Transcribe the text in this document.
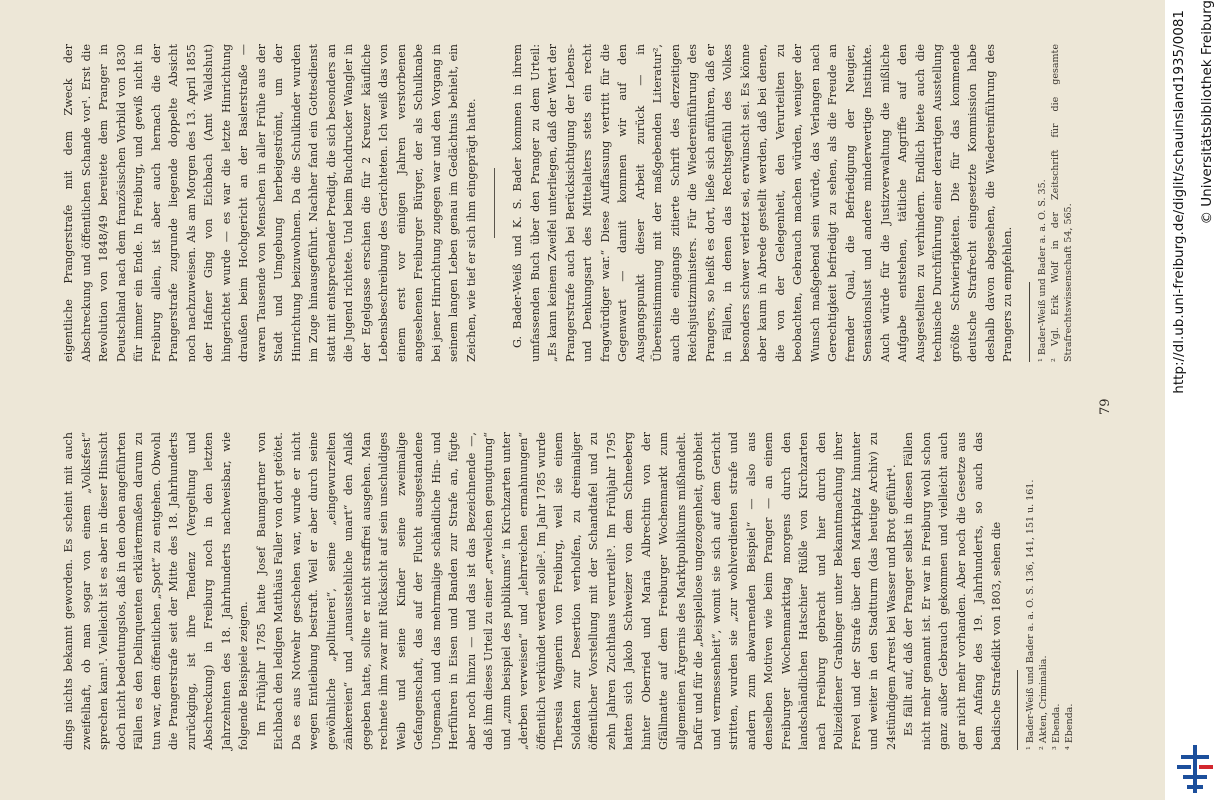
dings nichts bekannt geworden. Es scheint mit auch zweifelhaft, ob man sogar von einem „Volksfest“ sprechen kann¹. Vielleicht ist es aber in dieser Hinsicht doch nicht bedeutungslos, daß in den oben angeführten Fällen es den Delinquenten erklärtermaßen darum zu tun war, dem öffentlichen „Spott“ zu entgehen. Obwohl die Prangerstrafe seit der Mitte des 18. Jahrhunderts zurückging, ist ihre Tendenz (Vergeltung und Abschreckung) in Freiburg noch in den letzten Jahrzehnten des 18. Jahrhunderts nachweisbar, wie folgende Beispiele zeigen. Im Frühjahr 1785 hatte Josef Baumgartner von Eichbach den ledigen Matthäus Faller von dort getötet. Da es aus Notwehr geschehen war, wurde er nicht wegen Entleibung bestraft. Weil er aber durch seine gewöhnliche „polltuierei“, seine „eingewurzelten zänkereien“ und „unausstehliche unart“ den Anlaß gegeben hatte, sollte er nicht straffrei ausgehen. Man rechnete ihm zwar mit Rücksicht auf sein unschuldiges Weib und seine Kinder seine zweimalige Gefangenschaft, das auf der Flucht ausgestandene Ungemach und das mehrmalige schändliche Hin- und Herführen in Eisen und Banden zur Strafe an, fügte aber noch hinzu — und das ist das Bezeichnende —, daß ihm dieses Urteil zu einer „erwelchen genugtuung“ und „zum beispiel des publikums“ in Kirchzarten unter „derben verweisen“ und „lehrreichen ermahnungen“ öffentlich verkündet werden solle². Im Jahr 1785 wurde Theresia Wagnerin von Freiburg, weil sie einem Soldaten zur Desertion verholfen, zu dreimaliger öffentlicher Vorstellung mit der Schandtafel und zu zehn Jahren Zuchthaus verurteilt³. Im Frühjahr 1795 hatten sich Jakob Schweizer von dem Schneeberg hinter Oberried und Maria Albrechtin von der Gfällmatte auf dem Freiburger Wochenmarkt zum allgemeinen Ärgernis des Marktpublikums mißhandelt. Dafür und für die „beispiellose ungezogenheit, grobheit und vermessenheit“, womit sie sich auf dem Gericht stritten, wurden sie „zur wohlverdienten strafe und andern zum abwarnenden Beispiel“ — also aus denselben Motiven wie beim Pranger — an einem Freiburger Wochenmarkttag morgens durch den landschändlichen Hatschier Rüßle von Kirchzarten nach Freiburg gebracht und hier durch den Polizeidiener Grabinger unter Bekanntmachung ihrer Frevel und der Strafe über den Marktplatz hinunter und weiter in den Stadtturm (das heutige Archiv) zu 24stündigem Arrest bei Wasser und Brot geführt⁴. Es fällt auf, daß der Pranger selbst in diesen Fällen nicht mehr genannt ist. Er war in Freiburg wohl schon ganz außer Gebrauch gekommen und vielleicht auch gar nicht mehr vorhanden. Aber noch die Gesetze aus dem Anfang des 19. Jahrhunderts, so auch das badische Strafedikt von 1803, sehen die ¹ Bader-Weiß und Bader a. a. O. S. 136, 141, 151 u. 161. ² Akten, Criminalia. ³ Ebenda. ⁴ Ebenda.

eigentliche Prangerstrafe mit dem Zweck der Abschreckung und öffentlichen Schande vor¹. Erst die Revolution von 1848/49 bereitete dem Pranger in Deutschland nach dem französischen Vorbild von 1830 für immer ein Ende. In Freiburg, und gewiß nicht in Freiburg allein, ist aber auch hernach die der Prangerstrafe zugrunde liegende doppelte Absicht noch nachzuweisen. Als am Morgen des 13. April 1855 der Hafner Ging von Eichbach (Amt Waldshut) hingerichtet wurde — es war die letzte Hinrichtung draußen beim Hochgericht an der Baslerstraße — waren Tausende von Menschen in aller Frühe aus der Stadt und Umgebung herbeigeströmt, um der Hinrichtung beizuwohnen. Da die Schulkinder wurden im Zuge hinausgeführt. Nachher fand ein Gottesdienst statt mit entsprechender Predigt, die sich besonders an die Jugend richtete. Und beim Buchdrucker Wangler in der Egelgasse erschien die für 2 Kreuzer käufliche Lebensbeschreibung des Gerichteten. Ich weiß das von einem erst vor einigen Jahren verstorbenen angesehenen Freiburger Bürger, der als Schulknabe bei jener Hinrichtung zugegen war und den Vorgang in seinem langen Leben genau im Gedächtnis behielt, ein Zeichen, wie tief er sich ihm eingeprägt hatte.	G. Bader-Weiß und K. S. Bader kommen in ihrem umfassenden Buch über den Pranger zu dem Urteil: „Es kann keinem Zweifel unterliegen, daß der Wert der Prangerstrafe auch bei Berücksichtigung der Lebens- und Denkungsart des Mittelalters stets ein recht fragwürdiger war.“ Diese Auffassung vertritt für die Gegenwart — damit kommen wir auf den Ausgangspunkt dieser Arbeit zurück — in Übereinstimmung mit der maßgebenden Literatur², auch die eingangs zitierte Schrift des derzeitigen Reichsjustizministers. Für die Wiedereinführung des Prangers, so heißt es dort, ließe sich anführen, daß er in Fällen, in denen das Rechtsgefühl des Volkes besonders schwer verletzt sei, erwünscht sei. Es könne aber kaum in Abrede gestellt werden, daß bei denen, die von der Gelegenheit, den Verurteilten zu beobachten, Gebrauch machen würden, weniger der Wunsch maßgebend sein würde, das Verlangen nach Gerechtigkeit befriedigt zu sehen, als die Freude an fremder Qual, die Befriedigung der Neugier, Sensationslust und andere minderwertige Instinkte. Auch würde für die Justizverwaltung die mißliche Aufgabe entstehen, tätliche Angriffe auf den Ausgestellten zu verhindern. Endlich biete auch die technische Durchführung einer derartigen Ausstellung größte Schwierigkeiten. Die für das kommende deutsche Strafrecht eingesetzte Kommission habe deshalb davon abgesehen, die Wiedereinführung des Prangers zu empfehlen. ¹ Bader-Weiß und Bader a. a. O. S. 35. ² Vgl. Erik Wolf in der Zeitschrift für die gesamte Strafrechtswissenschaft 54, 565.

79
http://dl.ub.uni-freiburg.de/diglit/schauinsland1935/0081 © Universitätsbibliothek Freiburg
